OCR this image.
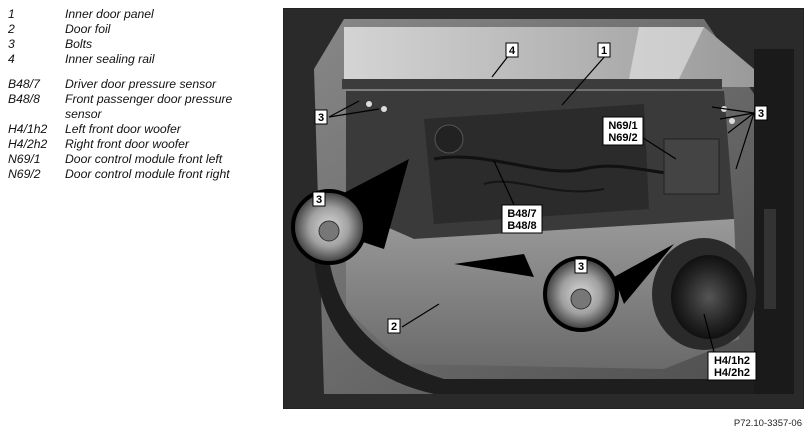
1	Inner door panel
2	Door foil
3	Bolts
4	Inner sealing rail
B48/7	Driver door pressure sensor
B48/8	Front passenger door pressure sensor
H4/1h2	Left front door woofer
H4/2h2	Right front door woofer
N69/1	Door control module front left
N69/2	Door control module front right
4	1
3	3
N69/1
N69/2
B48/7
B48/8
3
3
2
H4/1h2
H4/2h2
P72.10-3357-06
